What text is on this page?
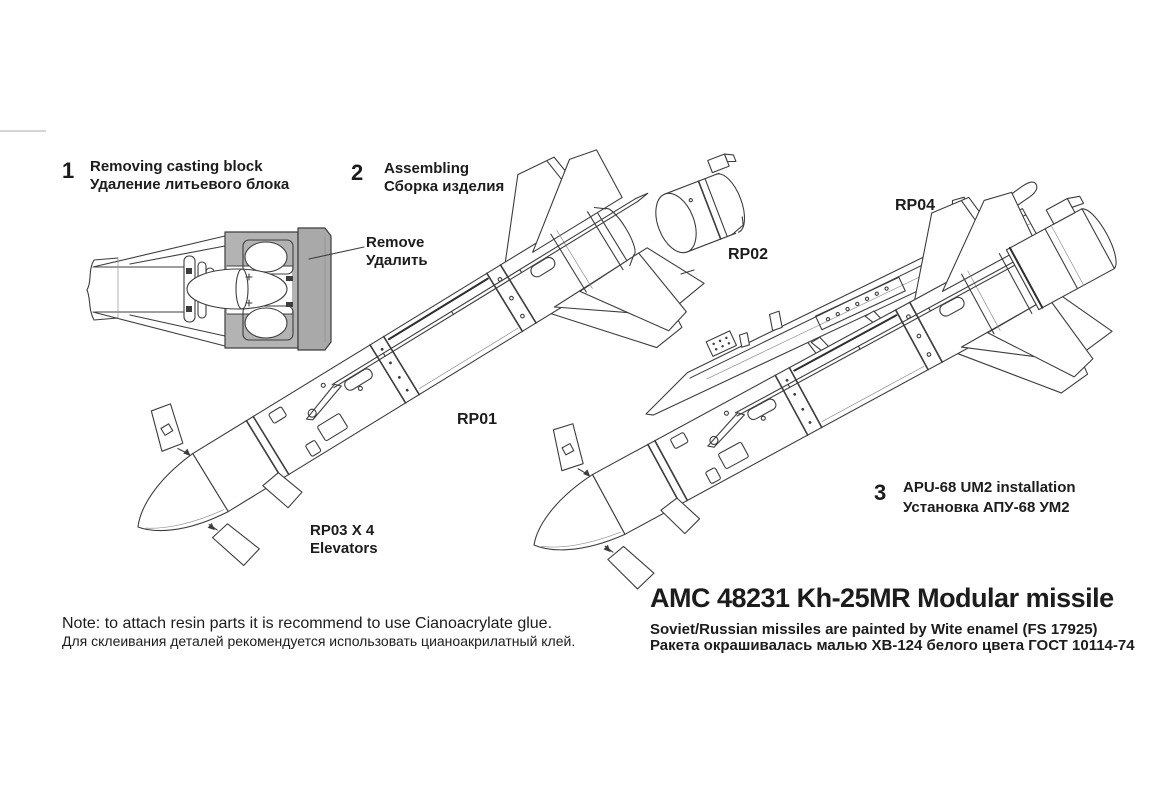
1 Removing casting block
Удаление литьевого блока	2 Assembling
Сборка изделия
Remove
Удалить
RP01
RP03 X 4
Elevators
RP02
RP04
3 APU-68 UM2 installation
Установка АПУ-68 УМ2
AMC 48231 Kh-25MR Modular missile
Soviet/Russian missiles are painted by Wite enamel (FS 17925)
Ракета окрашивалась малью ХВ-124 белого цвета ГОСТ 10114-74
Note: to attach resin parts it is recommend to use Cianoacrylate glue.
Для склеивания деталей рекомендуется использовать цианоакрилатный клей.
